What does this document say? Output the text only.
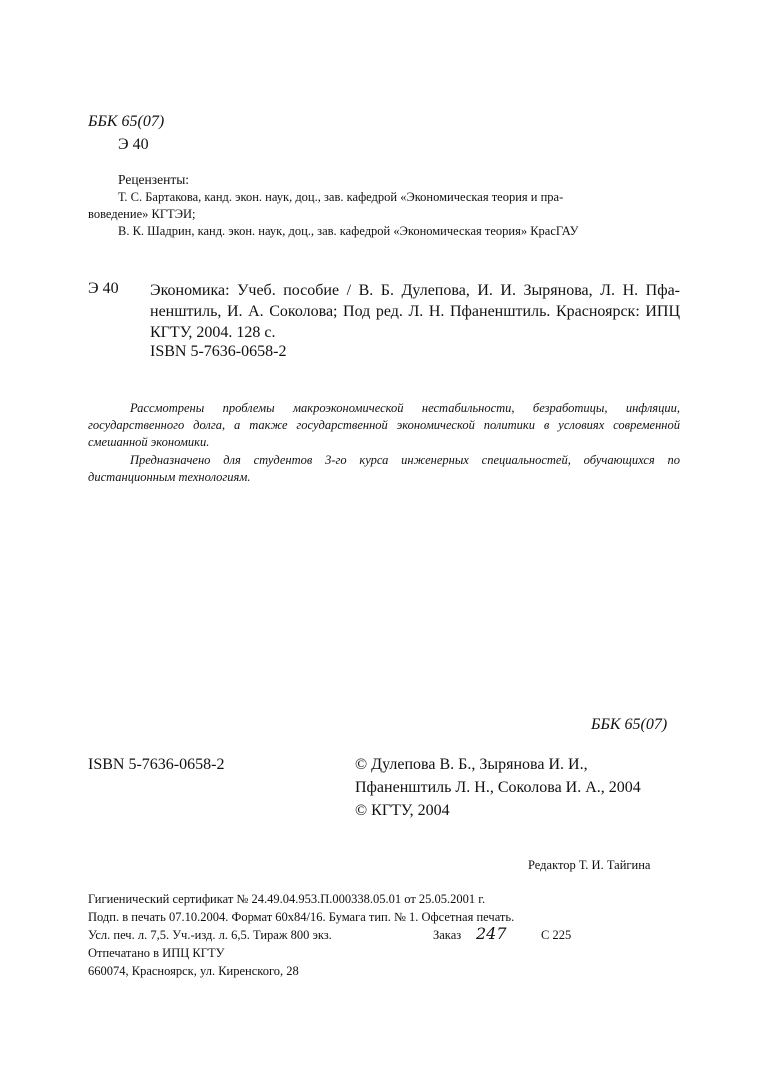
ББК 65(07)
Э 40
Рецензенты:
Т. С. Бартакова, канд. экон. наук, доц., зав. кафедрой «Экономическая теория и пра-
воведение» КГТЭИ;
В. К. Шадрин, канд. экон. наук, доц., зав. кафедрой «Экономическая теория» КрасГАУ
Э 40 Экономика: Учеб. пособие / В. Б. Дулепова, И. И. Зырянова, Л. Н. Пфаненштиль, И. А. Соколова; Под ред. Л. Н. Пфаненштиль. Красноярск: ИПЦ КГТУ, 2004. 128 с.
ISBN 5-7636-0658-2
Рассмотрены проблемы макроэкономической нестабильности, безработицы, инфляции, государственного долга, а также государственной экономической политики в условиях современной смешанной экономики.
Предназначено для студентов 3-го курса инженерных специальностей, обучающихся по дистанционным технологиям.
ББК 65(07)
ISBN 5-7636-0658-2	© Дулепова В. Б., Зырянова И. И.,
Пфаненштиль Л. Н., Соколова И. А., 2004
© КГТУ, 2004
Редактор Т. И. Тайгина
Гигиенический сертификат № 24.49.04.953.П.000338.05.01 от 25.05.2001 г.
Подп. в печать 07.10.2004. Формат 60х84/16. Бумага тип. № 1. Офсетная печать.
Усл. печ. л. 7,5. Уч.-изд. л. 6,5. Тираж 800 экз.	Заказ 247	С 225
Отпечатано в ИПЦ КГТУ
660074, Красноярск, ул. Киренского, 28
